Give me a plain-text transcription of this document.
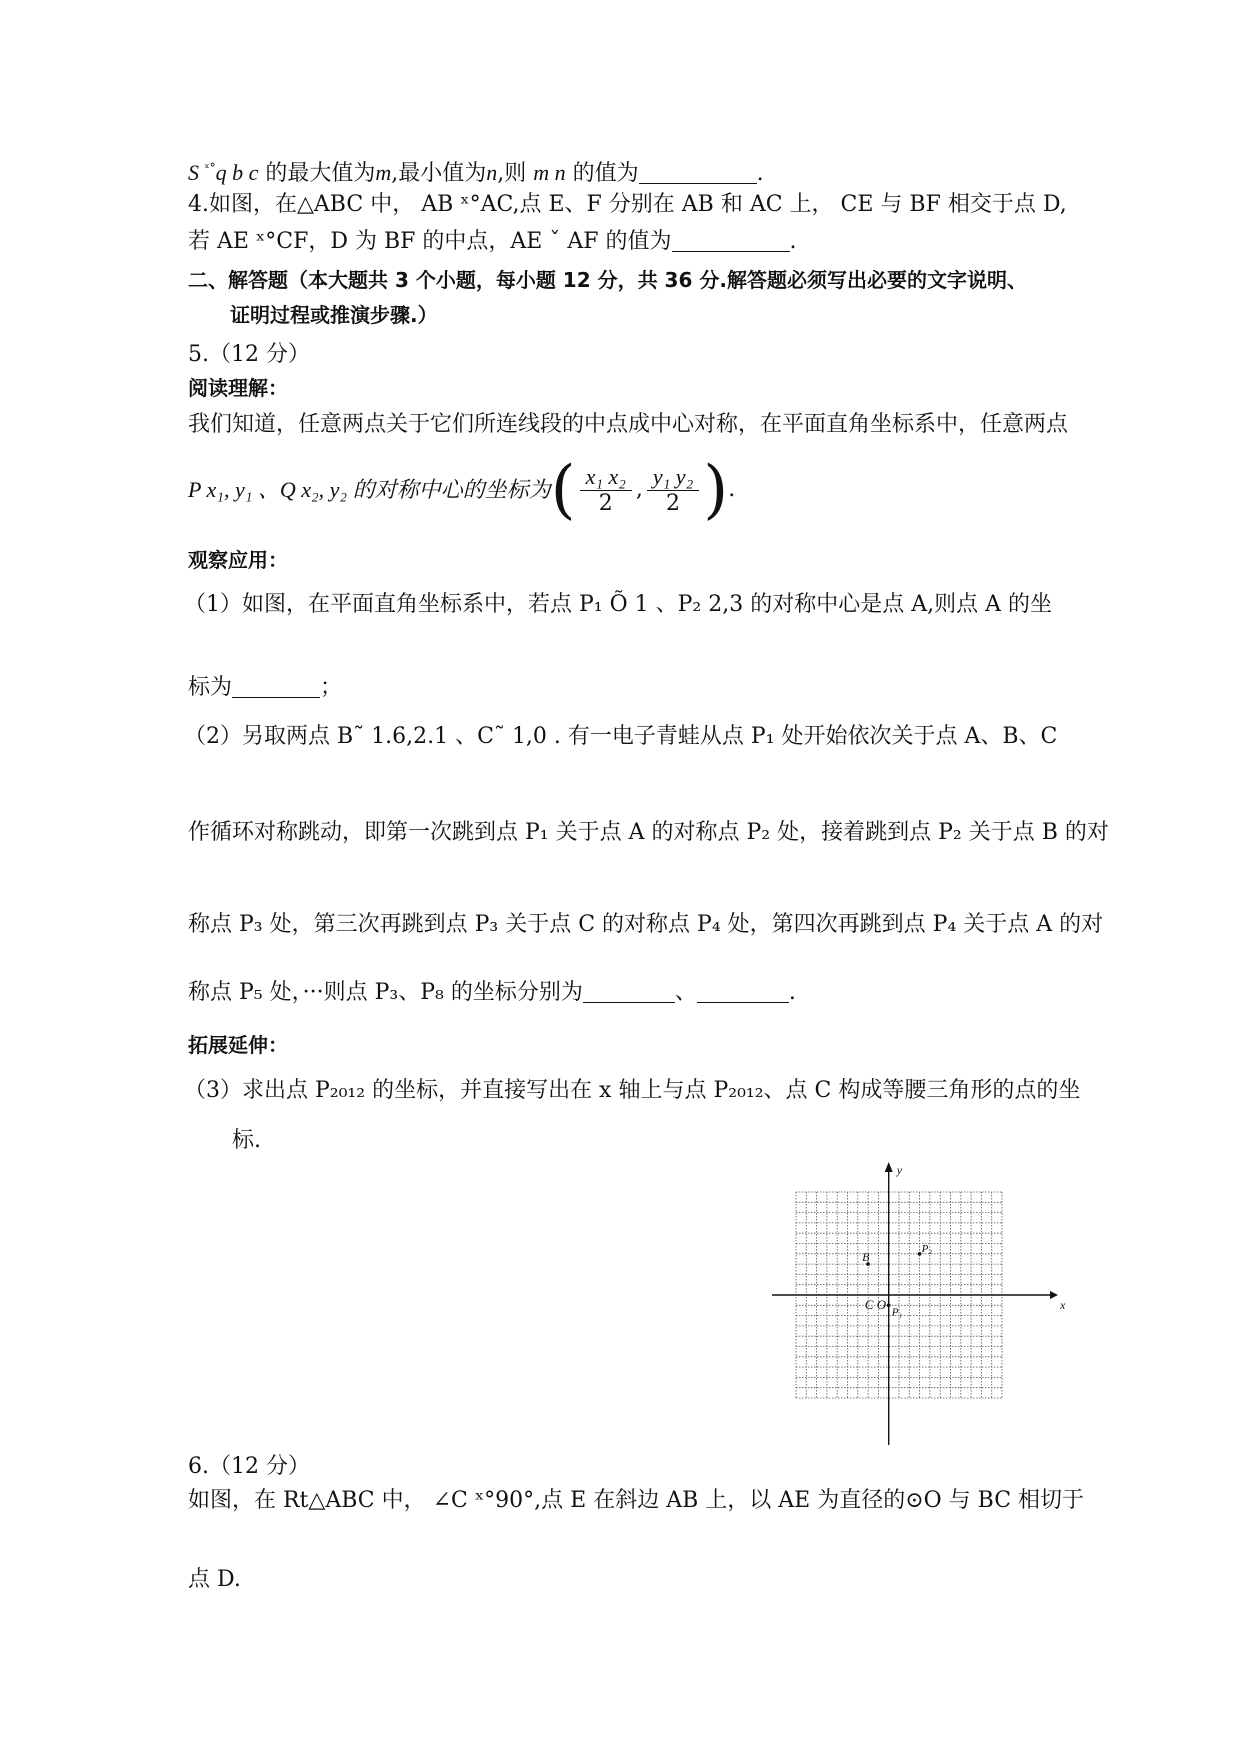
S $^{ˣ^\circ}$q b c 的最大值为m,最小值为n,则 m n 的值为	.
4.如图，在△ABC 中， AB ˣ°AC,点 E、F 分别在 AB 和 AC 上， CE 与 BF 相交于点 D,
若 AE ˣ°CF，D 为 BF 的中点，AE ˇ AF 的值为	.
二、解答题（本大题共 3 个小题，每小题 12 分，共 36 分.解答题必须写出必要的文字说明、
证明过程或推演步骤.）
5.（12 分）
阅读理解：
我们知道，任意两点关于它们所连线段的中点成中心对称，在平面直角坐标系中，任意两点
P x₁, y₁ 、Q x₂, y₂ 的对称中心的坐标为 ( $\frac{\text{x₁ x₂}}{2}$ , $\frac{\text{y₁ y₂}}{2}$ ) .
观察应用：
（1）如图，在平面直角坐标系中，若点 P₁ Õ 1 、P₂ 2,3 的对称中心是点 A,则点 A 的坐
标为	；
（2）另取两点 B˜ 1.6,2.1 、C˜ 1,0 . 有一电子青蛙从点 P₁ 处开始依次关于点 A、B、C
作循环对称跳动，即第一次跳到点 P₁ 关于点 A 的对称点 P₂ 处，接着跳到点 P₂ 关于点 B 的对
称点 P₃ 处，第三次再跳到点 P₃ 关于点 C 的对称点 P₄ 处，第四次再跳到点 P₄ 关于点 A 的对
称点 P₅ 处，···则点 P₃、P₈ 的坐标分别为	、	.
拓展延伸：
（3）求出点 P₂₀₁₂ 的坐标，并直接写出在 x 轴上与点 P₂₀₁₂、点 C 构成等腰三角形的点的坐
标.
x
y
O
C
B
P₂
P₁
6.（12 分）
如图，在 Rt△ABC 中， ∠C ˣ°90°,点 E 在斜边 AB 上，以 AE 为直径的⊙O 与 BC 相切于
点 D.
